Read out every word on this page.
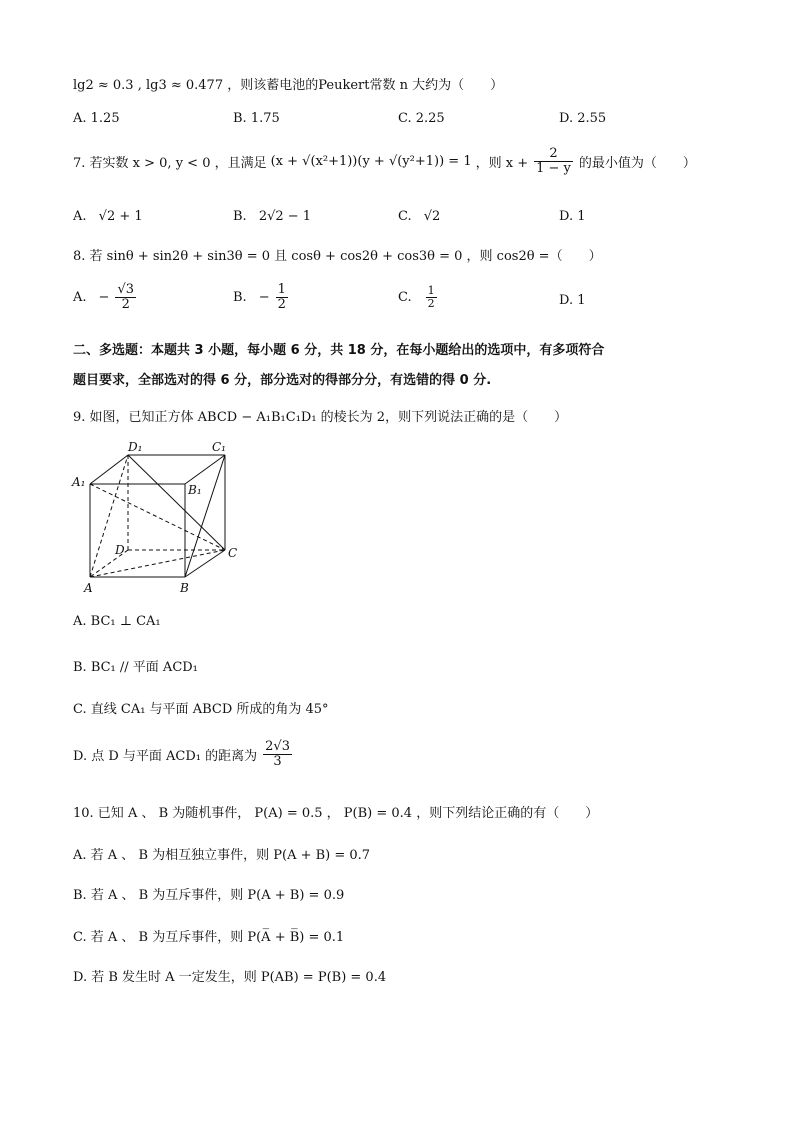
lg2 ≈ 0.3 , lg3 ≈ 0.477 ，则该蓄电池的Peukert常数 n 大约为（　　）
A. 1.25	B. 1.75	C. 2.25	D. 2.55
7. 若实数 x > 0, y < 0 ，且满足 (x + √(x²+1))(y + √(y²+1)) = 1 ，则 $x + \frac{2}{1 - y}$ 的最小值为（　　）
A. √2 + 1	B. 2√2 − 1	C. √2	D. 1
8. 若 sinθ + sin2θ + sin3θ = 0 且 cosθ + cos2θ + cos3θ = 0 ，则 cos2θ =（　　）
A. − $\frac{√3}{2}$	B. − $\frac{1}{2}$	C. $\frac{1}{2}$	D. 1
二、多选题：本题共 3 小题，每小题 6 分，共 18 分，在每小题给出的选项中，有多项符合
题目要求，全部选对的得 6 分，部分选对的得部分分，有选错的得 0 分.
9. 如图，已知正方体 ABCD − A₁B₁C₁D₁ 的棱长为 2，则下列说法正确的是（　　）
D₁	C₁
A₁
B₁
D	C
A	B
A. BC₁ ⊥ CA₁
B. BC₁ // 平面 ACD₁
C. 直线 CA₁ 与平面 ABCD 所成的角为 45°
D. 点 D 与平面 ACD₁ 的距离为 $\frac{2√3}{3}$
10. 已知 A 、 B 为随机事件， P(A) = 0.5 ， P(B) = 0.4 ，则下列结论正确的有（　　）
A. 若 A 、 B 为相互独立事件，则 P(A + B) = 0.7
B. 若 A 、 B 为互斥事件，则 P(A + B) = 0.9
C. 若 A 、 B 为互斥事件，则 P(A̅ + B̅) = 0.1
D. 若 B 发生时 A 一定发生，则 P(AB) = P(B) = 0.4
